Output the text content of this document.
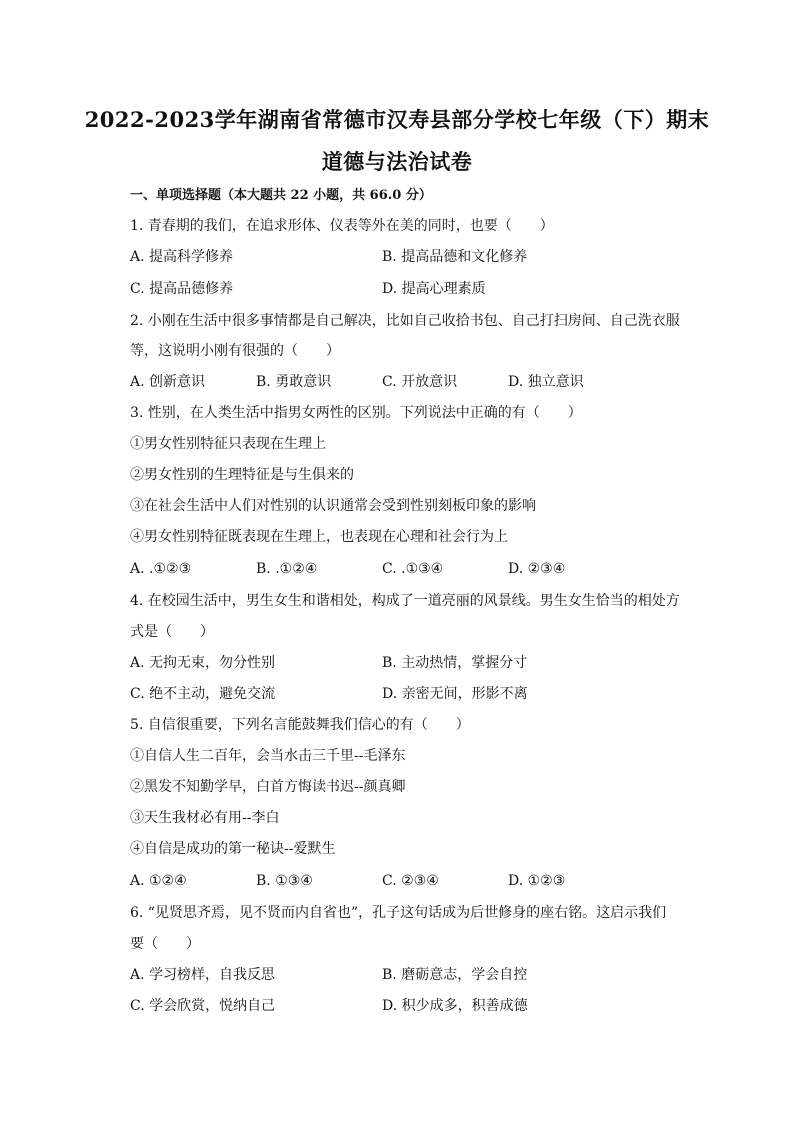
2022-2023学年湖南省常德市汉寿县部分学校七年级（下）期末
道德与法治试卷
一、单项选择题（本大题共 22 小题，共 66.0 分）
1. 青春期的我们，在追求形体、仪表等外在美的同时，也要（　　）
A. 提高科学修养	B. 提高品德和文化修养
C. 提高品德修养	D. 提高心理素质
2. 小刚在生活中很多事情都是自己解决，比如自己收拾书包、自己打扫房间、自己洗衣服
等，这说明小刚有很强的（　　）
A. 创新意识	B. 勇敢意识	C. 开放意识	D. 独立意识
3. 性别，在人类生活中指男女两性的区别。下列说法中正确的有（　　）
①男女性别特征只表现在生理上
②男女性别的生理特征是与生俱来的
③在社会生活中人们对性别的认识通常会受到性别刻板印象的影响
④男女性别特征既表现在生理上，也表现在心理和社会行为上
A. .①②③	B. .①②④	C. .①③④	D. ②③④
4. 在校园生活中，男生女生和谐相处，构成了一道亮丽的风景线。男生女生恰当的相处方
式是（　　）
A. 无拘无束，勿分性别	B. 主动热情，掌握分寸
C. 绝不主动，避免交流	D. 亲密无间，形影不离
5. 自信很重要，下列名言能鼓舞我们信心的有（　　）
①自信人生二百年，会当水击三千里--毛泽东
②黑发不知勤学早，白首方悔读书迟--颜真卿
③天生我材必有用--李白
④自信是成功的第一秘诀--爱默生
A. ①②④	B. ①③④	C. ②③④	D. ①②③
6. “见贤思齐焉，见不贤而内自省也”，孔子这句话成为后世修身的座右铭。这启示我们
要（　　）
A. 学习榜样，自我反思	B. 磨砺意志，学会自控
C. 学会欣赏，悦纳自己	D. 积少成多，积善成德
